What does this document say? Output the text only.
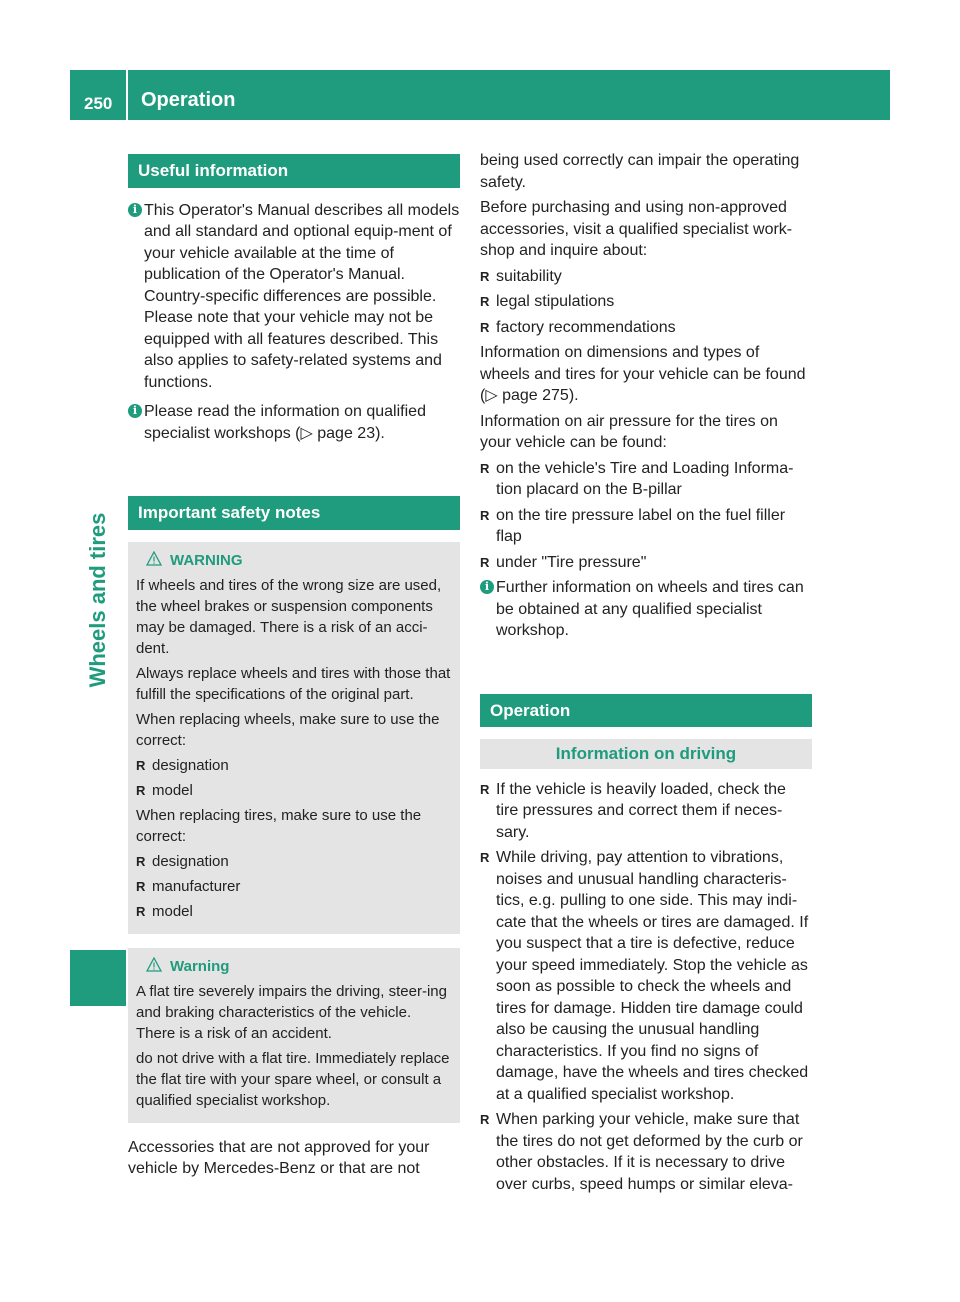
250 Operation
Wheels and tires
Useful information
i This Operator's Manual describes all models and all standard and optional equip-ment of your vehicle available at the time of publication of the Operator's Manual. Country-specific differences are possible. Please note that your vehicle may not be equipped with all features described. This also applies to safety-related systems and functions.
i Please read the information on qualified specialist workshops (▷ page 23).
Important safety notes
WARNING

If wheels and tires of the wrong size are used, the wheel brakes or suspension components may be damaged. There is a risk of an acci-dent.

Always replace wheels and tires with those that fulfill the specifications of the original part.

When replacing wheels, make sure to use the correct:

R designation
R model

When replacing tires, make sure to use the correct:

R designation
R manufacturer
R model
Warning

A flat tire severely impairs the driving, steer-ing and braking characteristics of the vehicle. There is a risk of an accident.

do not drive with a flat tire. Immediately replace the flat tire with your spare wheel, or consult a qualified specialist workshop.

Accessories that are not approved for your vehicle by Mercedes-Benz or that are not

being used correctly can impair the operating safety.

Before purchasing and using non-approved accessories, visit a qualified specialist work-shop and inquire about:

R suitability
R legal stipulations
R factory recommendations

Information on dimensions and types of wheels and tires for your vehicle can be found (▷ page 275).

Information on air pressure for the tires on your vehicle can be found:

R on the vehicle's Tire and Loading Informa-tion placard on the B-pillar
R on the tire pressure label on the fuel filler flap
R under "Tire pressure"
i Further information on wheels and tires can be obtained at any qualified specialist workshop.
Operation
Information on driving
R If the vehicle is heavily loaded, check the tire pressures and correct them if neces-sary.
R While driving, pay attention to vibrations, noises and unusual handling characteris-tics, e.g. pulling to one side. This may indi-cate that the wheels or tires are damaged. If you suspect that a tire is defective, reduce your speed immediately. Stop the vehicle as soon as possible to check the wheels and tires for damage. Hidden tire damage could also be causing the unusual handling characteristics. If you find no signs of damage, have the wheels and tires checked at a qualified specialist workshop.
R When parking your vehicle, make sure that the tires do not get deformed by the curb or other obstacles. If it is necessary to drive over curbs, speed humps or similar eleva-
